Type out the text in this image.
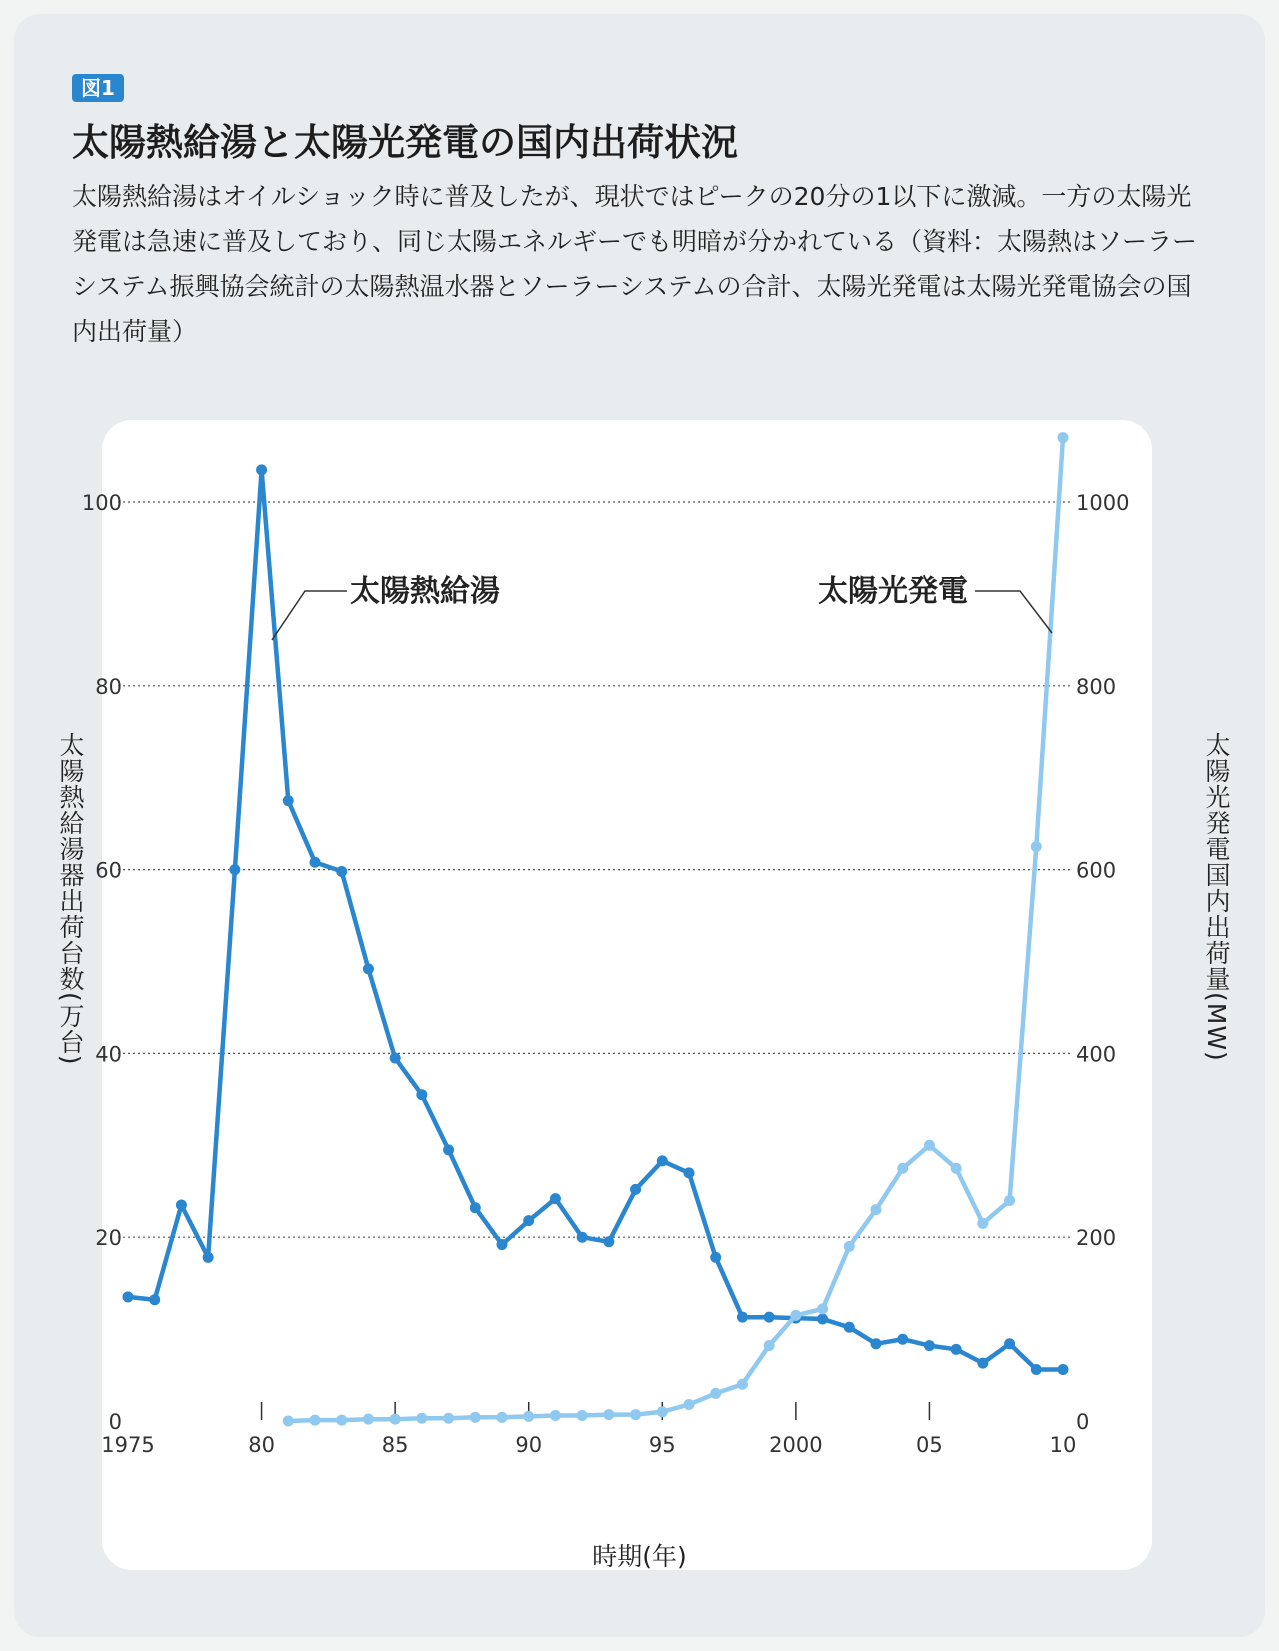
図1
太陽熱給湯と太陽光発電の国内出荷状況

太陽熱給湯はオイルショック時に普及したが、現状ではピークの20分の1以下に激減。一方の太陽光発電は急速に普及しており、同じ太陽エネルギーでも明暗が分かれている（資料：太陽熱はソーラーシステム振興協会統計の太陽熱温水器とソーラーシステムの合計、太陽光発電は太陽光発電協会の国内出荷量）

1975	80	85	90	95	2000	05	10
0
20
40
60
80
100
0
200
400
600
800
1000
太陽熱給湯	太陽光発電
太陽熱給湯器出荷台数(万台)	太陽光発電国内出荷量(MW)
時期(年)
